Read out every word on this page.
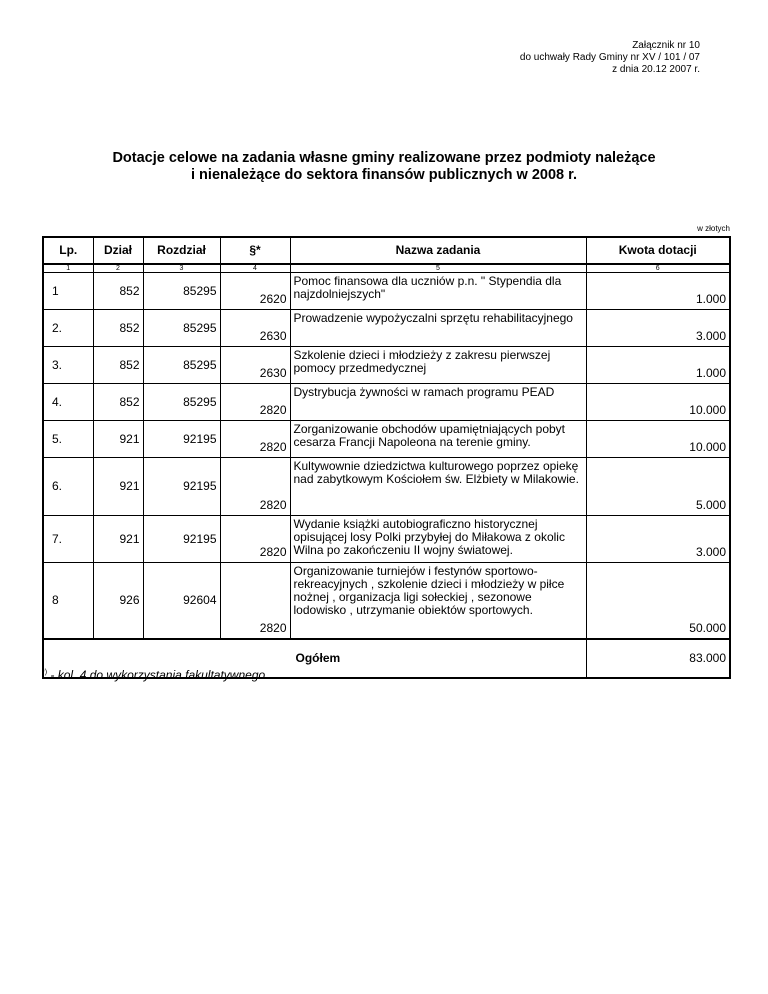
Załącznik nr 10
do uchwały Rady Gminy nr XV / 101 / 07
z dnia 20.12 2007 r.
Dotacje celowe na zadania własne gminy realizowane przez podmioty należące
i nienależące do sektora finansów publicznych w 2008 r.
w złotych
Lp.	Dział	Rozdział	§*	Nazwa zadania	Kwota dotacji
1	2	3	4	5	6
1	852	85295	2620	Pomoc finansowa dla uczniów p.n. " Stypendia dla
najzdolniejszych"	1.000
2.	852	85295	2630	Prowadzenie wypożyczalni sprzętu rehabilitacyjnego	3.000
3.	852	85295	2630	Szkolenie dzieci i młodzieży z zakresu pierwszej
pomocy przedmedycznej	1.000
4.	852	85295	2820	Dystrybucja żywności w ramach programu PEAD	10.000
5.	921	92195	2820	Zorganizowanie obchodów upamiętniających pobyt
cesarza Francji Napoleona na terenie gminy.	10.000
6.	921	92195	2820	Kultywownie dziedzictwa kulturowego poprzez opiekę
nad zabytkowym Kościołem św. Elżbiety w Milakowie.	5.000
7.	921	92195	2820	Wydanie książki autobiograficzno historycznej
opisującej losy Polki przybyłej do Miłakowa z okolic
Wilna po zakończeniu II wojny światowej.	3.000
8	926	92604	2820	Organizowanie turniejów i festynów sportowo-
rekreacyjnych , szkolenie dzieci i młodzieży w piłce
nożnej , organizacja ligi sołeckiej , sezonowe
lodowisko , utrzymanie obiektów sportowych.	50.000
Ogółem					83.000
*) - kol. 4 do wykorzystania fakultatywnego
